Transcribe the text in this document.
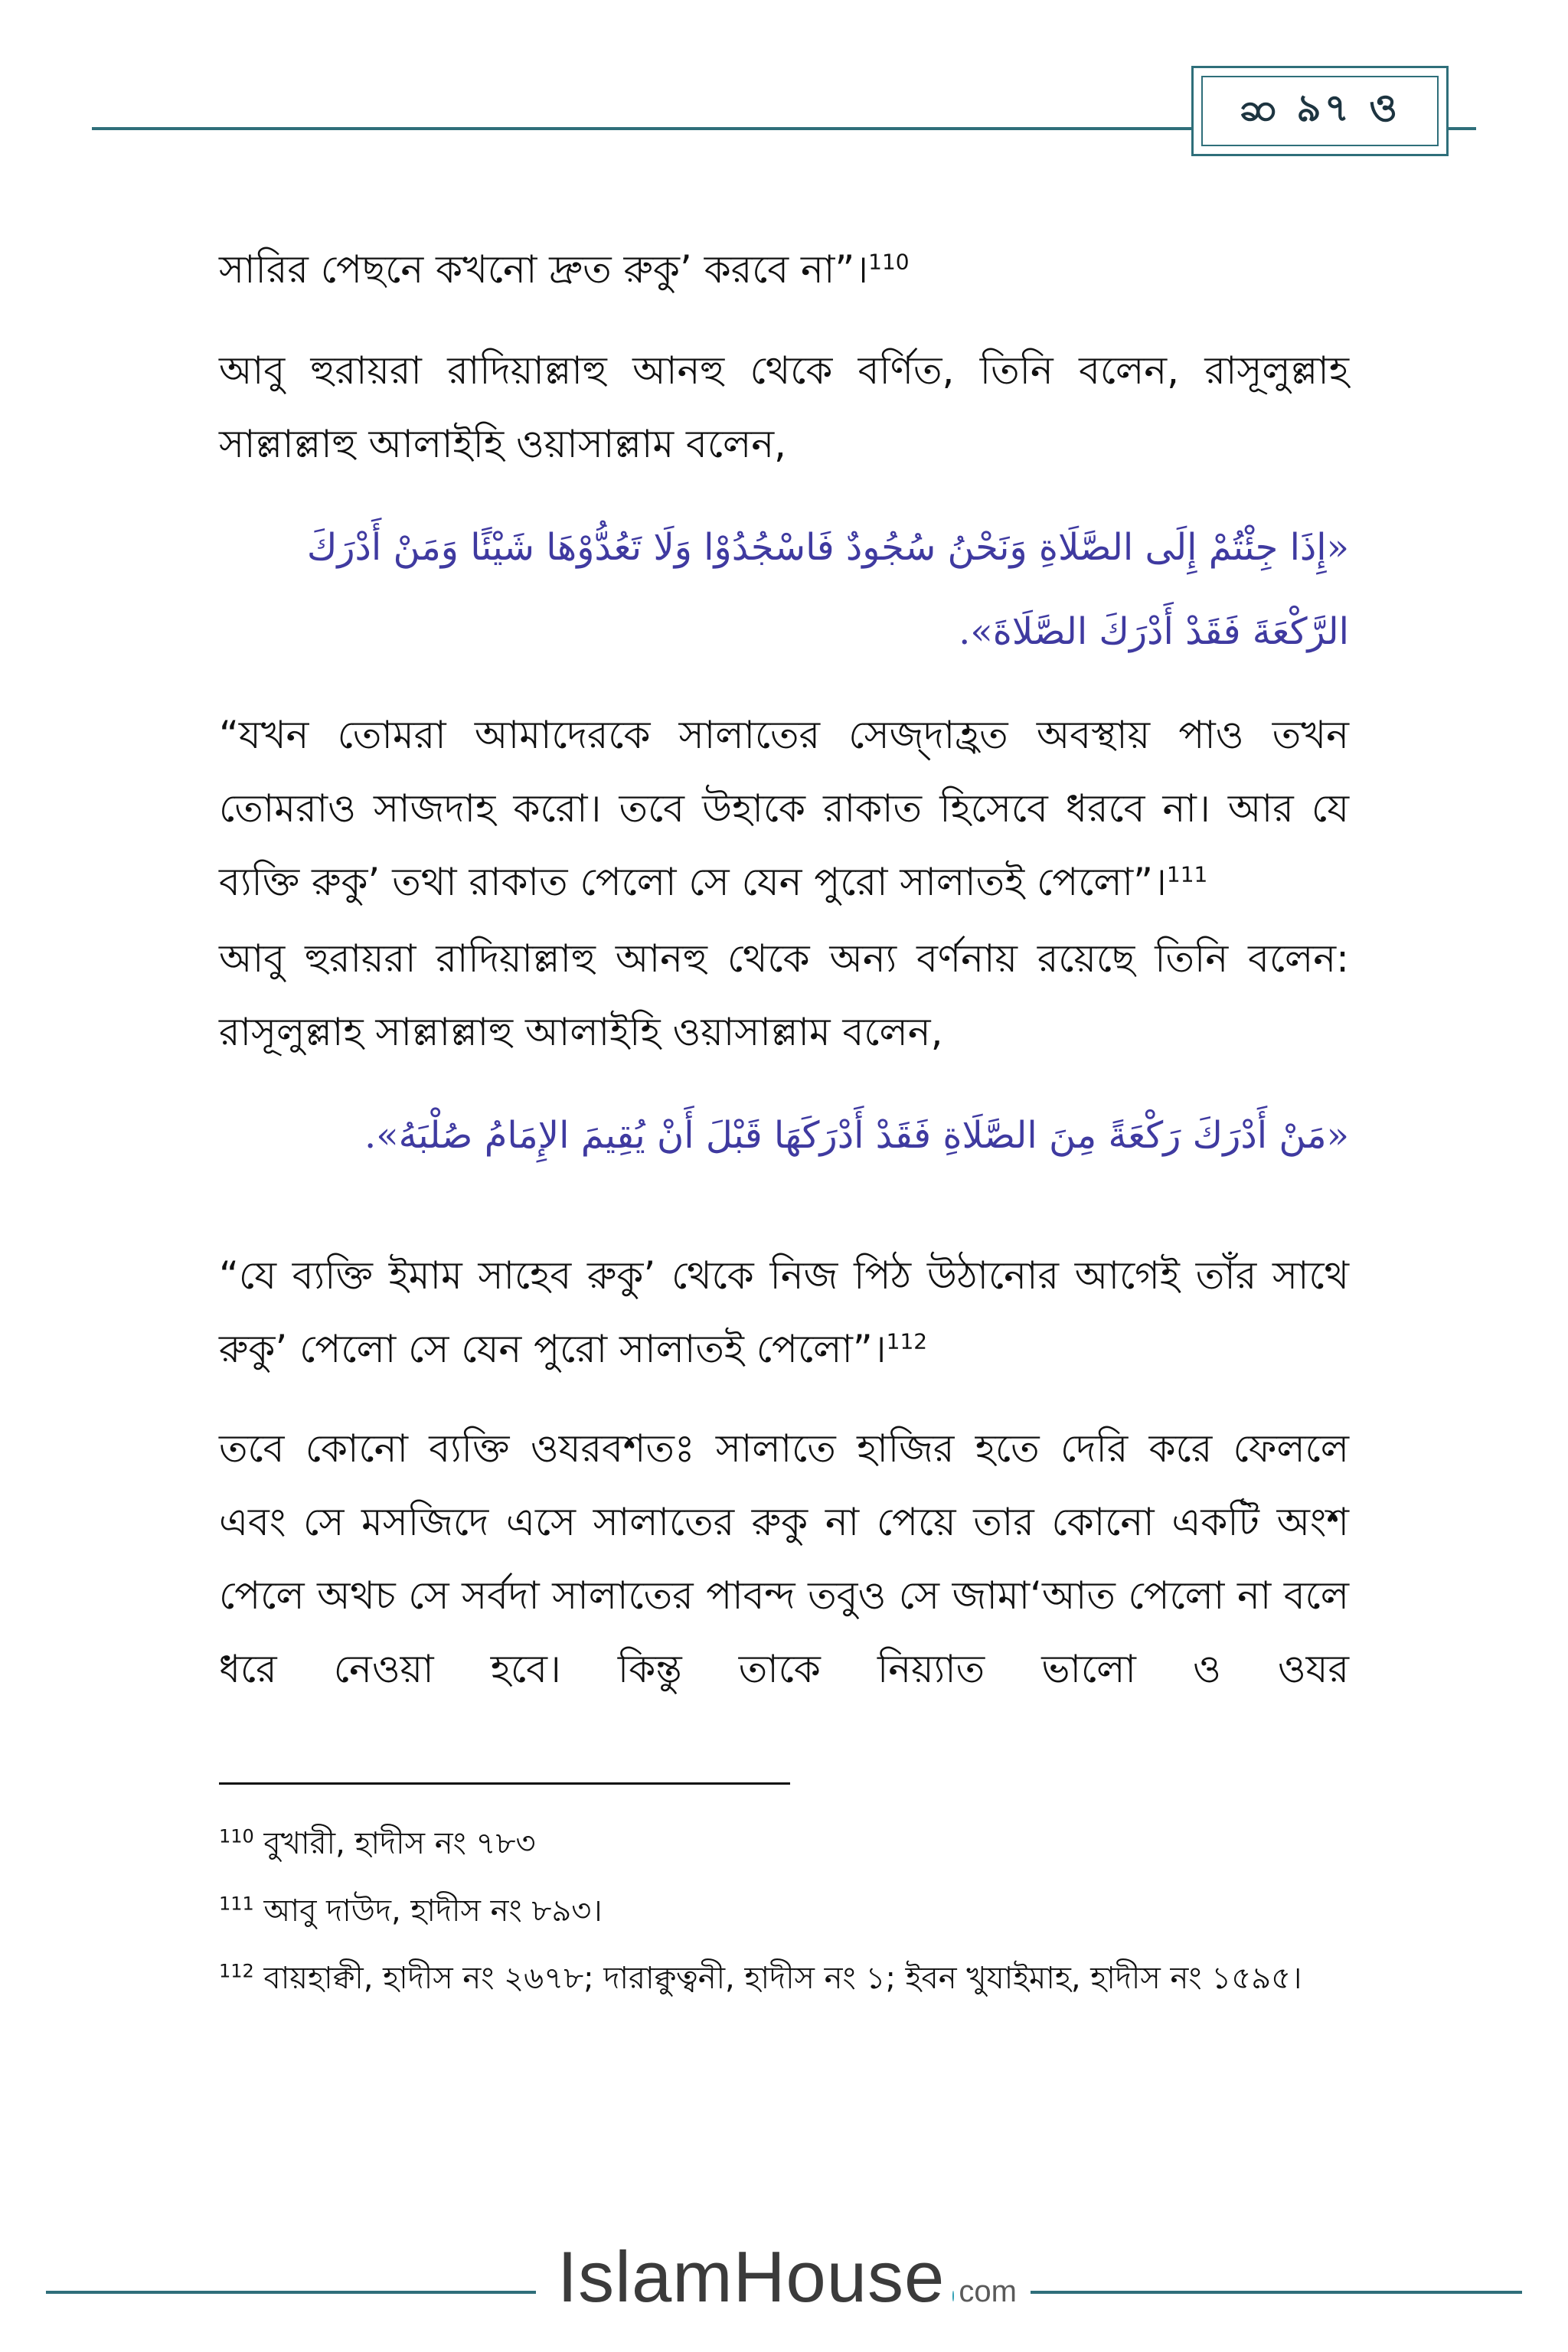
ဆ ৯৭ ও
সারির পেছনে কখনো দ্রুত রুকু’ করবে না”।$^{110}$
আবু হুরায়রা রাদিয়াল্লাহু আনহু থেকে বর্ণিত, তিনি বলেন, রাসূলুল্লাহ সাল্লাল্লাহু আলাইহি ওয়াসাল্লাম বলেন,
«إِذَا جِئْتُمْ إِلَى الصَّلَاةِ وَنَحْنُ سُجُودٌ فَاسْجُدُوْا وَلَا تَعُدُّوْهَا شَيْئًا وَمَنْ أَدْرَكَ الرَّكْعَةَ فَقَدْ أَدْرَكَ الصَّلَاةَ».
“যখন তোমরা আমাদেরকে সালাতের সেজ্দাহ্রত অবস্থায় পাও তখন তোমরাও সাজদাহ করো। তবে উহাকে রাকাত হিসেবে ধরবে না। আর যে ব্যক্তি রুকু’ তথা রাকাত পেলো সে যেন পুরো সালাতই পেলো”।$^{111}$
আবু হুরায়রা রাদিয়াল্লাহু আনহু থেকে অন্য বর্ণনায় রয়েছে তিনি বলেন: রাসূলুল্লাহ সাল্লাল্লাহু আলাইহি ওয়াসাল্লাম বলেন,
«مَنْ أَدْرَكَ رَكْعَةً مِنَ الصَّلَاةِ فَقَدْ أَدْرَكَهَا قَبْلَ أَنْ يُقِيمَ الإِمَامُ صُلْبَهُ».
“যে ব্যক্তি ইমাম সাহেব রুকু’ থেকে নিজ পিঠ উঠানোর আগেই তাঁর সাথে রুকু’ পেলো সে যেন পুরো সালাতই পেলো”।$^{112}$
তবে কোনো ব্যক্তি ওযরবশতঃ সালাতে হাজির হতে দেরি করে ফেললে এবং সে মসজিদে এসে সালাতের রুকু না পেয়ে তার কোনো একটি অংশ পেলে অথচ সে সর্বদা সালাতের পাবন্দ তবুও সে জামা‘আত পেলো না বলে ধরে নেওয়া হবে। কিন্তু তাকে নিয়্যাত ভালো ও ওযর
$^{110}$ বুখারী, হাদীস নং ৭৮৩
$^{111}$ আবু দাউদ, হাদীস নং ৮৯৩।
$^{112}$ বায়হাক্বী, হাদীস নং ২৬৭৮; দারাক্বুত্বনী, হাদীস নং ১; ইবন খুযাইমাহ, হাদীস নং ১৫৯৫।
IslamHouse com
